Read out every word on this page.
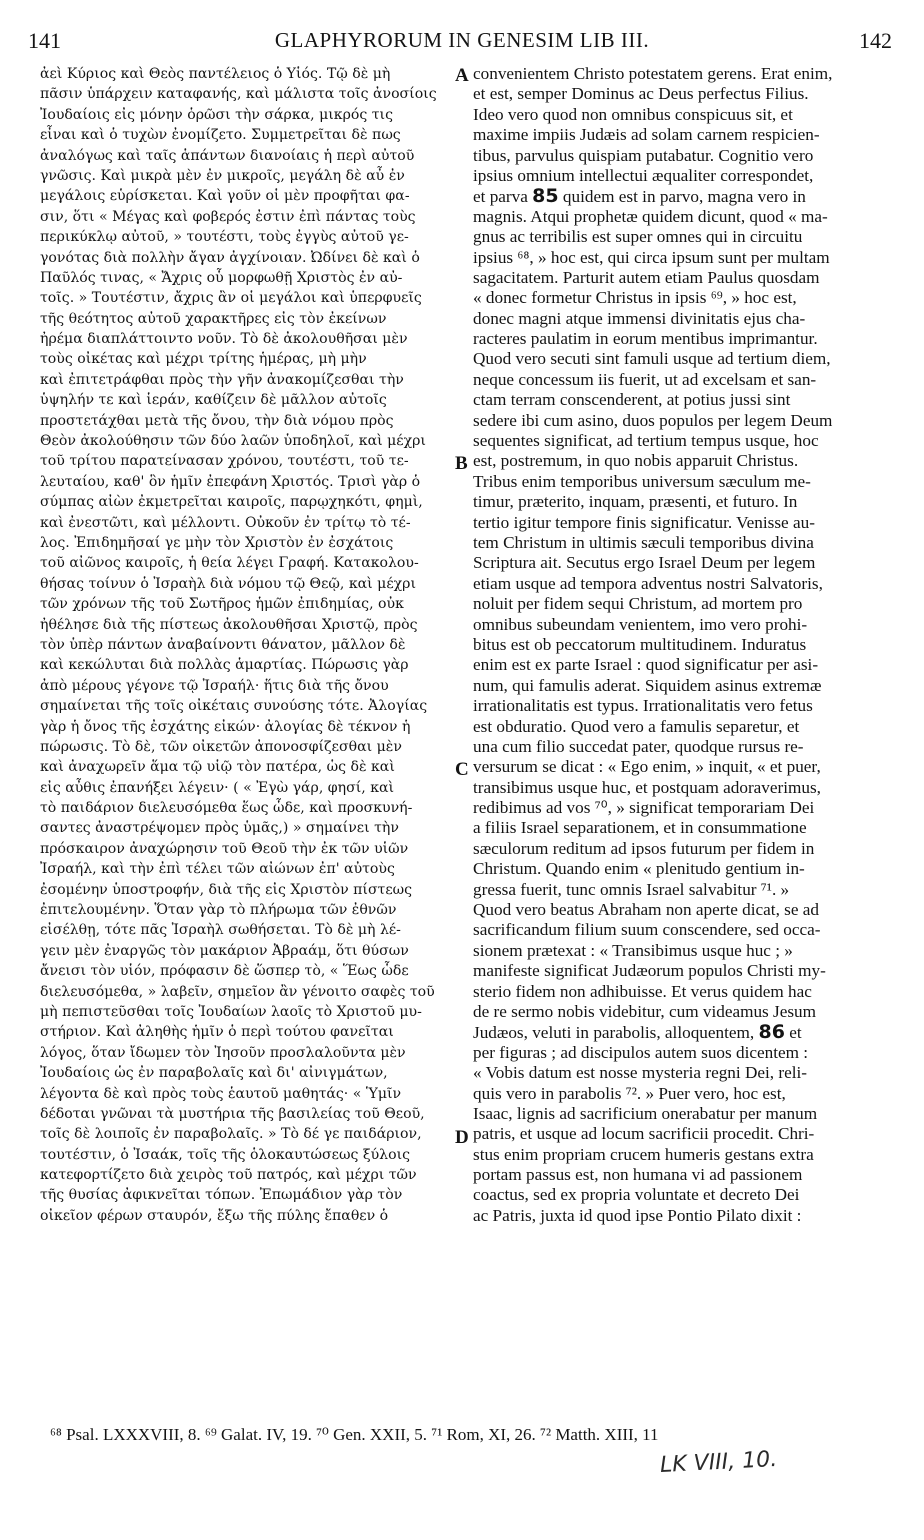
141	GLAPHYRORUM IN GENESIM LIB III.	142
ἀεὶ Κύριος καὶ Θεὸς παντέλειος ὁ Υἱός. Τῷ δὲ μὴ
πᾶσιν ὑπάρχειν καταφανής, καὶ μάλιστα τοῖς ἀνοσίοις
Ἰουδαίοις εἰς μόνην ὁρῶσι τὴν σάρκα, μικρός τις
εἶναι καὶ ὁ τυχὼν ἐνομίζετο. Συμμετρεῖται δὲ πως
ἀναλόγως καὶ ταῖς ἁπάντων διανοίαις ἡ περὶ αὐτοῦ
γνῶσις. Καὶ μικρὰ μὲν ἐν μικροῖς, μεγάλη δὲ αὖ ἐν
μεγάλοις εὑρίσκεται. Καὶ γοῦν οἱ μὲν προφῆται φα-
σιν, ὅτι « Μέγας καὶ φοβερός ἐστιν ἐπὶ πάντας τοὺς
περικύκλῳ αὐτοῦ, » τουτέστι, τοὺς ἐγγὺς αὐτοῦ γε-
γονότας διὰ πολλὴν ἄγαν ἀγχίνοιαν. Ὠδίνει δὲ καὶ ὁ
Παῦλός τινας, « Ἄχρις οὗ μορφωθῇ Χριστὸς ἐν αὐ-
τοῖς. » Τουτέστιν, ἄχρις ἂν οἱ μεγάλοι καὶ ὑπερφυεῖς
τῆς θεότητος αὐτοῦ χαρακτῆρες εἰς τὸν ἐκείνων
ἠρέμα διαπλάττοιντο νοῦν. Τὸ δὲ ἀκολουθῆσαι μὲν
τοὺς οἰκέτας καὶ μέχρι τρίτης ἡμέρας, μὴ μὴν
καὶ ἐπιτετράφθαι πρὸς τὴν γῆν ἀνακομίζεσθαι τὴν
ὑψηλήν τε καὶ ἱεράν, καθίζειν δὲ μᾶλλον αὐτοῖς
προστετάχθαι μετὰ τῆς ὄνου, τὴν διὰ νόμου πρὸς
Θεὸν ἀκολούθησιν τῶν δύο λαῶν ὑποδηλοῖ, καὶ μέχρι
τοῦ τρίτου παρατείνασαν χρόνου, τουτέστι, τοῦ τε-
λευταίου, καθ' ὃν ἡμῖν ἐπεφάνη Χριστός. Τρισὶ γὰρ ὁ
σύμπας αἰὼν ἐκμετρεῖται καιροῖς, παρῳχηκότι, φημὶ,
καὶ ἐνεστῶτι, καὶ μέλλοντι. Οὐκοῦν ἐν τρίτῳ τὸ τέ-
λος. Ἐπιδημῆσαί γε μὴν τὸν Χριστὸν ἐν ἐσχάτοις
τοῦ αἰῶνος καιροῖς, ἡ θεία λέγει Γραφή. Κατακολου-
θήσας τοίνυν ὁ Ἰσραὴλ διὰ νόμου τῷ Θεῷ, καὶ μέχρι
τῶν χρόνων τῆς τοῦ Σωτῆρος ἡμῶν ἐπιδημίας, οὐκ
ἠθέλησε διὰ τῆς πίστεως ἀκολουθῆσαι Χριστῷ, πρὸς
τὸν ὑπὲρ πάντων ἀναβαίνοντι θάνατον, μᾶλλον δὲ
καὶ κεκώλυται διὰ πολλὰς ἁμαρτίας. Πώρωσις γὰρ
ἀπὸ μέρους γέγονε τῷ Ἰσραήλ· ἥτις διὰ τῆς ὄνου
σημαίνεται τῆς τοῖς οἰκέταις συνούσης τότε. Ἀλογίας
γὰρ ἡ ὄνος τῆς ἐσχάτης εἰκών· ἀλογίας δὲ τέκνον ἡ
πώρωσις. Τὸ δὲ, τῶν οἰκετῶν ἀπονοσφίζεσθαι μὲν
καὶ ἀναχωρεῖν ἅμα τῷ υἱῷ τὸν πατέρα, ὡς δὲ καὶ
εἰς αὖθις ἐπανήξει λέγειν· ( « Ἐγὼ γάρ, φησί, καὶ
τὸ παιδάριον διελευσόμεθα ἕως ὧδε, καὶ προσκυνή-
σαντες ἀναστρέψομεν πρὸς ὑμᾶς,) » σημαίνει τὴν
πρόσκαιρον ἀναχώρησιν τοῦ Θεοῦ τὴν ἐκ τῶν υἱῶν
Ἰσραήλ, καὶ τὴν ἐπὶ τέλει τῶν αἰώνων ἐπ' αὐτοὺς
ἐσομένην ὑποστροφήν, διὰ τῆς εἰς Χριστὸν πίστεως
ἐπιτελουμένην. Ὅταν γὰρ τὸ πλήρωμα τῶν ἐθνῶν
εἰσέλθῃ, τότε πᾶς Ἰσραὴλ σωθήσεται. Τὸ δὲ μὴ λέ-
γειν μὲν ἐναργῶς τὸν μακάριον Ἀβραάμ, ὅτι θύσων
ἄνεισι τὸν υἱόν, πρόφασιν δὲ ὥσπερ τὸ, « Ἕως ὧδε
διελευσόμεθα, » λαβεῖν, σημεῖον ἂν γένοιτο σαφὲς τοῦ
μὴ πεπιστεῦσθαι τοῖς Ἰουδαίων λαοῖς τὸ Χριστοῦ μυ-
στήριον. Καὶ ἀληθὴς ἡμῖν ὁ περὶ τούτου φανεῖται
λόγος, ὅταν ἴδωμεν τὸν Ἰησοῦν προσλαλοῦντα μὲν
Ἰουδαίοις ὡς ἐν παραβολαῖς καὶ δι' αἰνιγμάτων,
λέγοντα δὲ καὶ πρὸς τοὺς ἑαυτοῦ μαθητάς· « Ὑμῖν
δέδοται γνῶναι τὰ μυστήρια τῆς βασιλείας τοῦ Θεοῦ,
τοῖς δὲ λοιποῖς ἐν παραβολαῖς. » Τὸ δέ γε παιδάριον,
τουτέστιν, ὁ Ἰσαάκ, τοῖς τῆς ὁλοκαυτώσεως ξύλοις
κατεφορτίζετο διὰ χειρὸς τοῦ πατρός, καὶ μέχρι τῶν
τῆς θυσίας ἀφικνεῖται τόπων. Ἐπωμάδιον γὰρ τὸν
οἰκεῖον φέρων σταυρόν, ἔξω τῆς πύλης ἔπαθεν ὁ
convenientem Christo potestatem gerens. Erat enim,
et est, semper Dominus ac Deus perfectus Filius.
Ideo vero quod non omnibus conspicuus sit, et
maxime impiis Judæis ad solam carnem respicien-
tibus, parvulus quispiam putabatur. Cognitio vero
ipsius omnium intellectui æqualiter correspondet,
et parva 85 quidem est in parvo, magna vero in
magnis. Atqui prophetæ quidem dicunt, quod « ma-
gnus ac terribilis est super omnes qui in circuitu
ipsius ⁶⁸, » hoc est, qui circa ipsum sunt per multam
sagacitatem. Parturit autem etiam Paulus quosdam
« donec formetur Christus in ipsis ⁶⁹, » hoc est,
donec magni atque immensi divinitatis ejus cha-
racteres paulatim in eorum mentibus imprimantur.
Quod vero secuti sint famuli usque ad tertium diem,
neque concessum iis fuerit, ut ad excelsam et san-
ctam terram conscenderent, at potius jussi sint
sedere ibi cum asino, duos populos per legem Deum
sequentes significat, ad tertium tempus usque, hoc
est, postremum, in quo nobis apparuit Christus.
Tribus enim temporibus universum sæculum me-
timur, præterito, inquam, præsenti, et futuro. In
tertio igitur tempore finis significatur. Venisse au-
tem Christum in ultimis sæculi temporibus divina
Scriptura ait. Secutus ergo Israel Deum per legem
etiam usque ad tempora adventus nostri Salvatoris,
noluit per fidem sequi Christum, ad mortem pro
omnibus subeundam venientem, imo vero prohi-
bitus est ob peccatorum multitudinem. Induratus
enim est ex parte Israel : quod significatur per asi-
num, qui famulis aderat. Siquidem asinus extremæ
irrationalitatis est typus. Irrationalitatis vero fetus
est obduratio. Quod vero a famulis separetur, et
una cum filio succedat pater, quodque rursus re-
versurum se dicat : « Ego enim, » inquit, « et puer,
transibimus usque huc, et postquam adoraverimus,
redibimus ad vos ⁷⁰, » significat temporariam Dei
a filiis Israel separationem, et in consummatione
sæculorum reditum ad ipsos futurum per fidem in
Christum. Quando enim « plenitudo gentium in-
gressa fuerit, tunc omnis Israel salvabitur ⁷¹. »
Quod vero beatus Abraham non aperte dicat, se ad
sacrificandum filium suum conscendere, sed occa-
sionem prætexat : « Transibimus usque huc ; »
manifeste significat Judæorum populos Christi my-
sterio fidem non adhibuisse. Et verus quidem hac
de re sermo nobis videbitur, cum videamus Jesum
Judæos, veluti in parabolis, alloquentem, 86 et
per figuras ; ad discipulos autem suos dicentem :
« Vobis datum est nosse mysteria regni Dei, reli-
quis vero in parabolis ⁷². » Puer vero, hoc est,
Isaac, lignis ad sacrificium onerabatur per manum
patris, et usque ad locum sacrificii procedit. Chri-
stus enim propriam crucem humeris gestans extra
portam passus est, non humana vi ad passionem
coactus, sed ex propria voluntate et decreto Dei
ac Patris, juxta id quod ipse Pontio Pilato dixit :
A
B
C
D
⁶⁸ Psal. LXXXVIII, 8. ⁶⁹ Galat. IV, 19. ⁷⁰ Gen. XXII, 5. ⁷¹ Rom, XI, 26. ⁷² Matth. XIII, 11
LK VIII, 10.
